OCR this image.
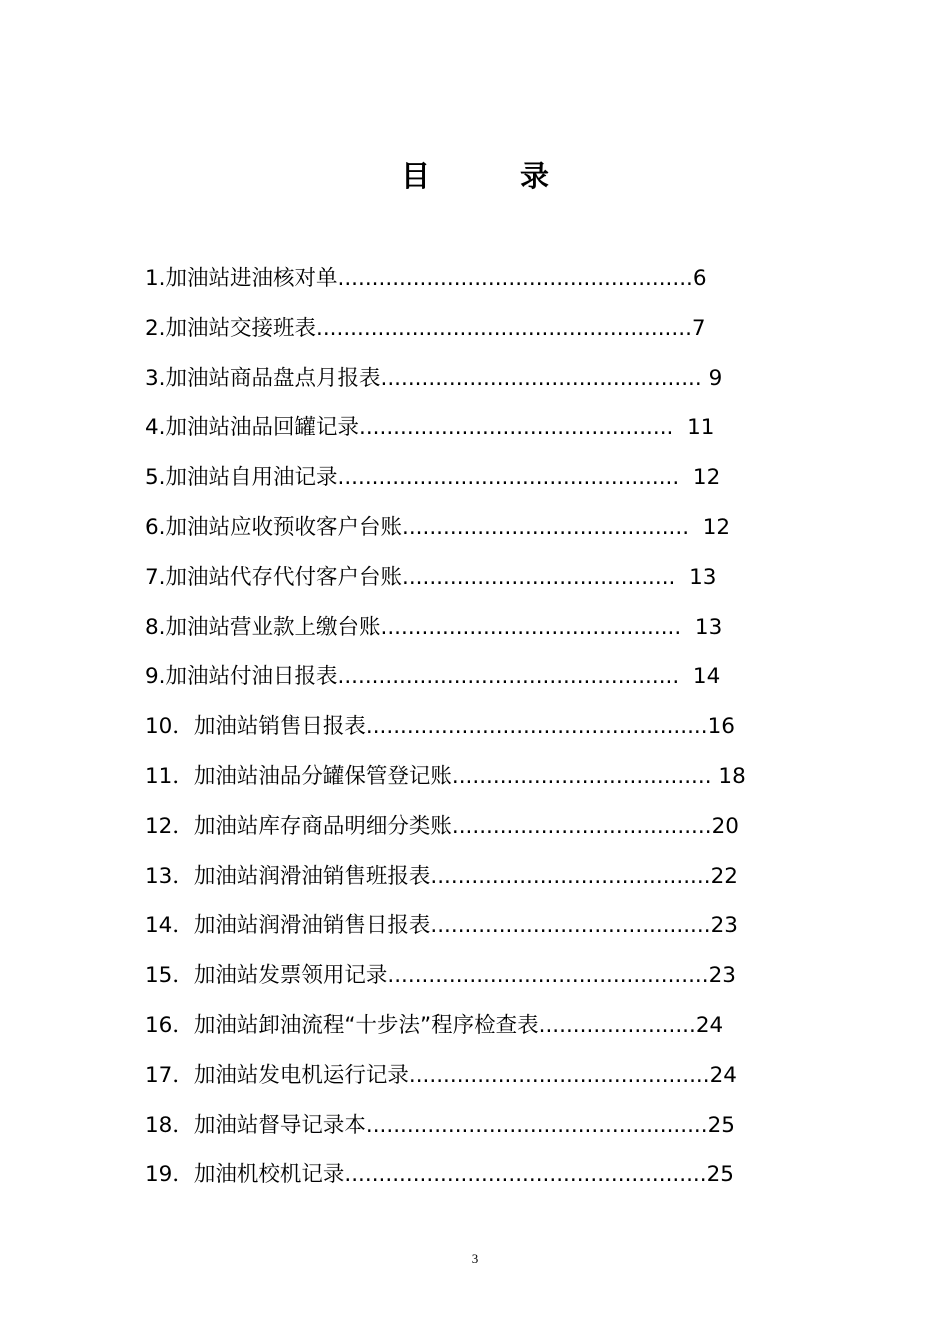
目 录
1.加油站进油核对单 .................................................... 6
2.加油站交接班表 ....................................................... 7
3.加油站商品盘点月报表 ............................................... 9
4.加油站油品回罐记录 .............................................. 11
5.加油站自用油记录 .................................................. 12
6.加油站应收预收客户台账 .......................................... 12
7.加油站代存代付客户台账 ........................................ 13
8.加油站营业款上缴台账 ............................................ 13
9.加油站付油日报表 .................................................. 14
10．加油站销售日报表 .................................................. 16
11．加油站油品分罐保管登记账 ...................................... 18
12．加油站库存商品明细分类账 ...................................... 20
13．加油站润滑油销售班报表 ......................................... 22
14．加油站润滑油销售日报表 ......................................... 23
15．加油站发票领用记录 ............................................... 23
16．加油站卸油流程“十步法”程序检查表 ....................... 24
17．加油站发电机运行记录 ............................................ 24
18．加油站督导记录本 .................................................. 25
19．加油机校机记录 ..................................................... 25
3
